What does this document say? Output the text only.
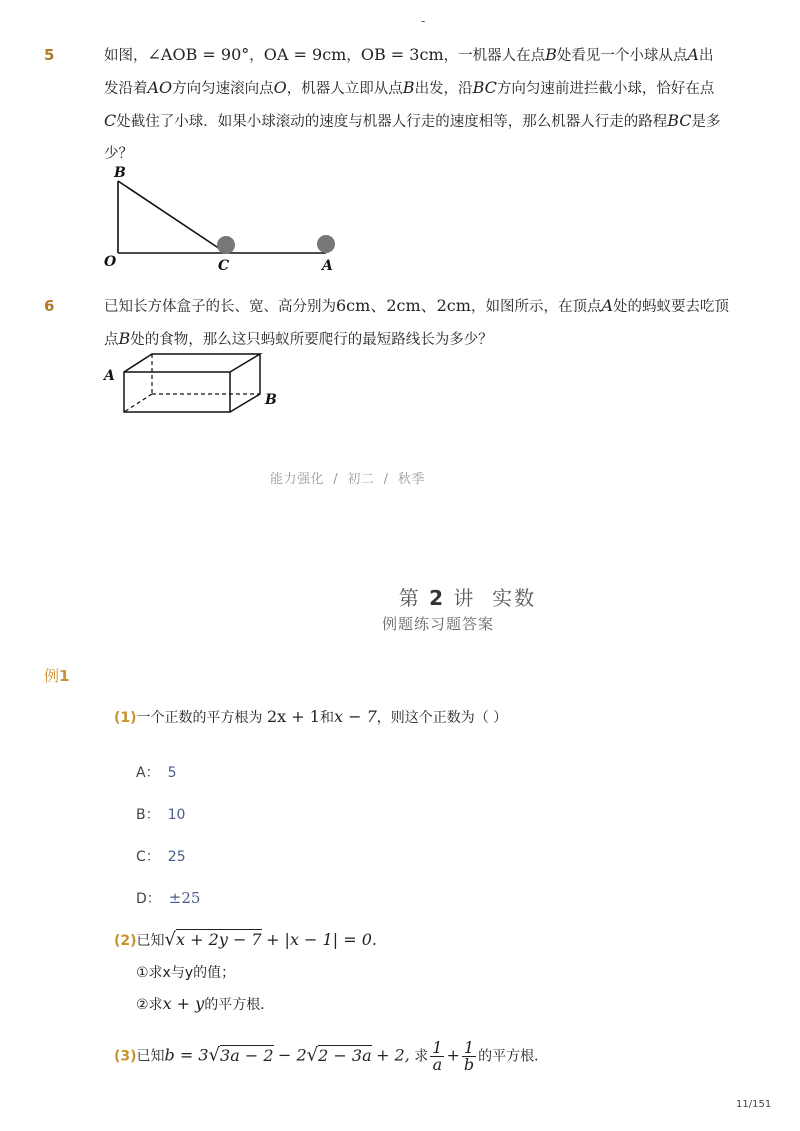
-
5	如图，∠AOB = 90°，OA = 9cm，OB = 3cm，一机器人在点B处看见一个小球从点A出
发沿着AO方向匀速滚向点O，机器人立即从点B出发，沿BC方向匀速前进拦截小球，恰好在点
C处截住了小球．如果小球滚动的速度与机器人行走的速度相等，那么机器人行走的路程BC是多
少？
B
O	C	A
6	已知长方体盒子的长、宽、高分别为6cm、2cm、2cm，如图所示，在顶点A处的蚂蚁要去吃顶
点B处的食物，那么这只蚂蚁所要爬行的最短路线长为多少？
A
B
能力强化  /  初二  /  秋季

第 2 讲  实数

例题练习题答案
例1
(1)一个正数的平方根为 2x + 1和x − 7，则这个正数为（ ）
A： 5
B： 10
C： 25
D： ±25
(2)已知√x + 2y − 7 + |x − 1| = 0.
①求x与y的值；
②求x + y的平方根．
(3)已知b = 3√3a − 2 − 2√2 − 3a + 2, 求 $\frac{1}{a} + \frac{1}{b}$ 的平方根．
11/151
